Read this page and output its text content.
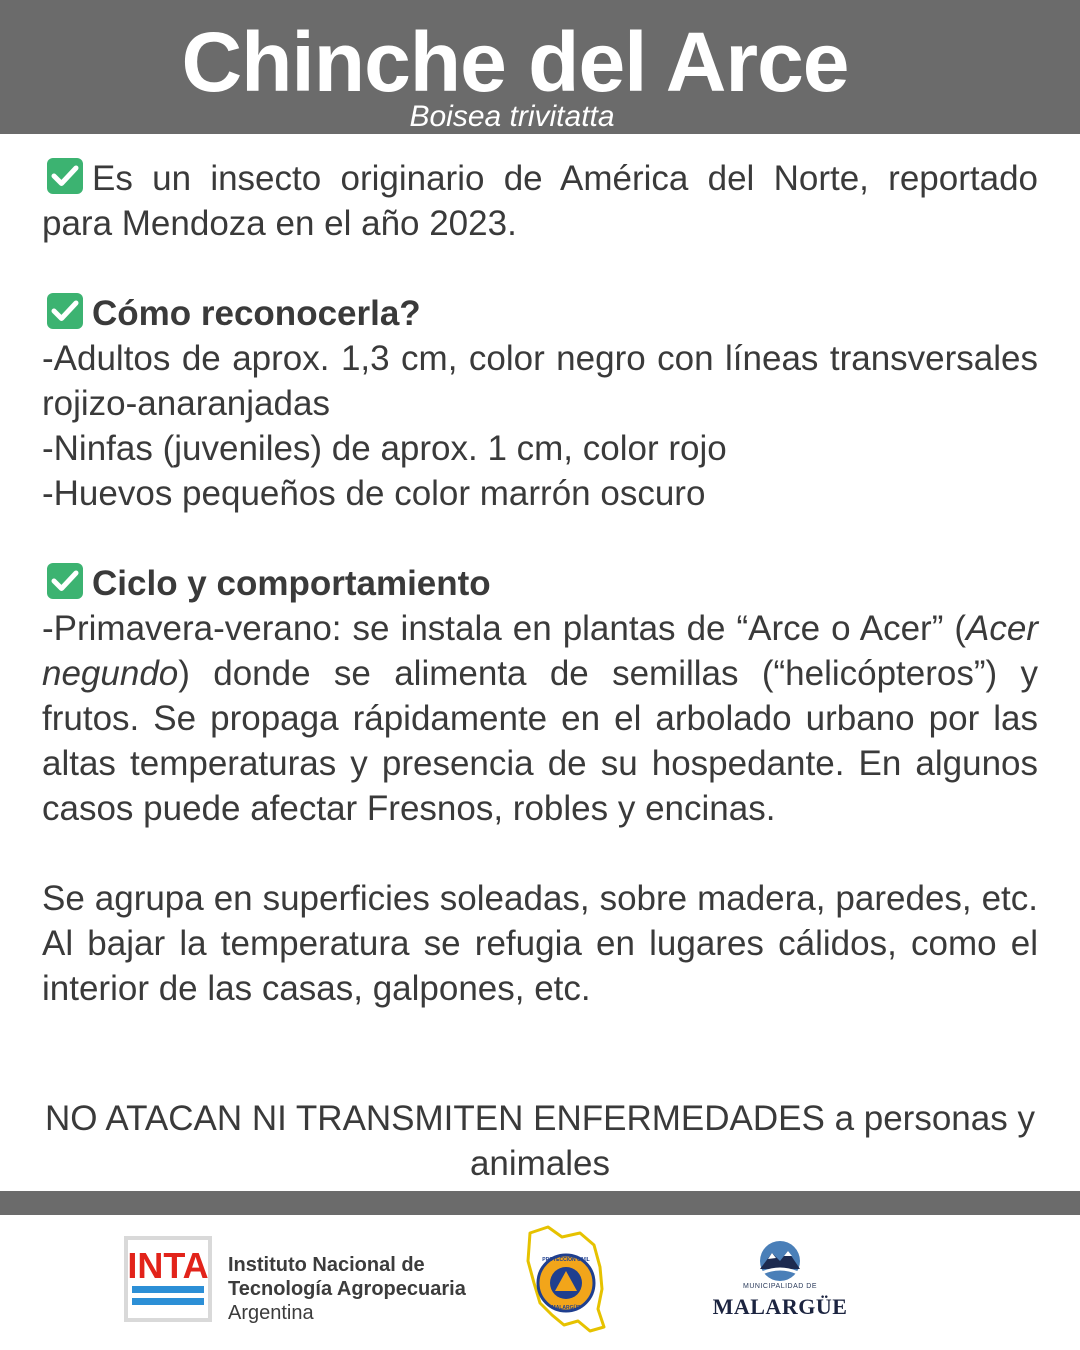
Chinche del Arce
Boisea trivitatta

Es un insecto originario de América del Norte, reportado para Mendoza en el año 2023.

Cómo reconocerla?

-Adultos de aprox. 1,3 cm, color negro con líneas transversales rojizo-anaranjadas

-Ninfas (juveniles) de aprox. 1 cm, color rojo

-Huevos pequeños de color marrón oscuro

Ciclo y comportamiento

-Primavera-verano: se instala en plantas de “Arce o Acer” (Acer negundo) donde se alimenta de semillas (“helicópteros”) y frutos. Se propaga rápidamente en el arbolado urbano por las altas temperaturas y presencia de su hospedante. En algunos casos puede afectar Fresnos, robles y encinas.

Se agrupa en superficies soleadas, sobre madera, paredes, etc. Al bajar la temperatura se refugia en lugares cálidos, como el interior de las casas, galpones, etc.

NO ATACAN NI TRANSMITEN ENFERMEDADES a personas y animales
INTA Instituto Nacional de
Tecnología Agropecuaria
Argentina
PROTECCIÓN CIVIL
MALARGÜE
MUNICIPALIDAD DE
MALARGÜE
